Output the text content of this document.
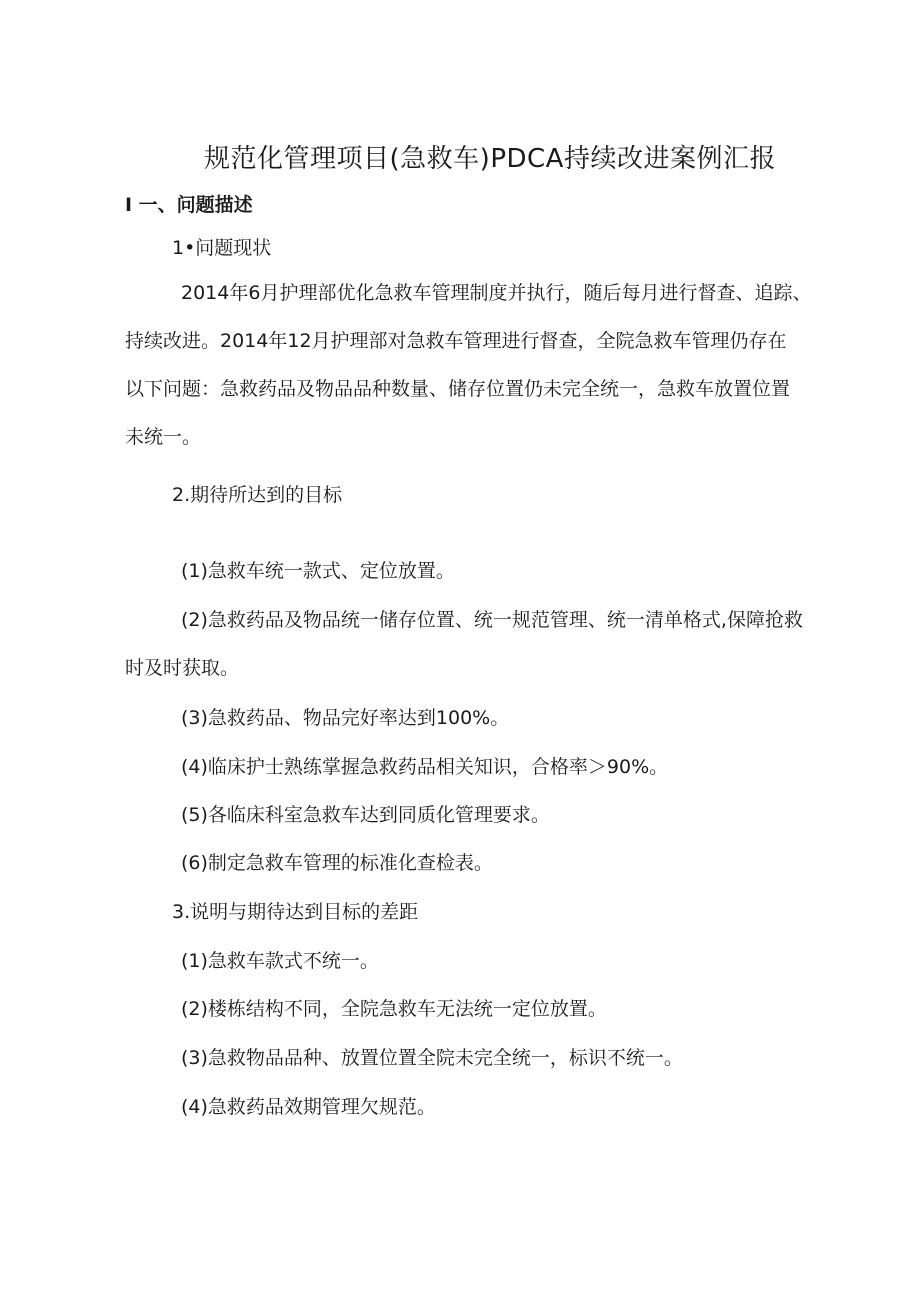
规范化管理项目(急救车)PDCA持续改进案例汇报
I 一、问题描述
1•问题现状
2014年6月护理部优化急救车管理制度并执行，随后每月进行督查、追踪、
持续改进。2014年12月护理部对急救车管理进行督查，全院急救车管理仍存在
以下问题：急救药品及物品品种数量、储存位置仍未完全统一，急救车放置位置
未统一。
2.期待所达到的目标
(1)急救车统一款式、定位放置。
(2)急救药品及物品统一储存位置、统一规范管理、统一清单格式,保障抢救
时及时获取。
(3)急救药品、物品完好率达到100%。
(4)临床护士熟练掌握急救药品相关知识，合格率＞90%。
(5)各临床科室急救车达到同质化管理要求。
(6)制定急救车管理的标准化查检表。
3.说明与期待达到目标的差距
(1)急救车款式不统一。
(2)楼栋结构不同，全院急救车无法统一定位放置。
(3)急救物品品种、放置位置全院未完全统一，标识不统一。
(4)急救药品效期管理欠规范。
